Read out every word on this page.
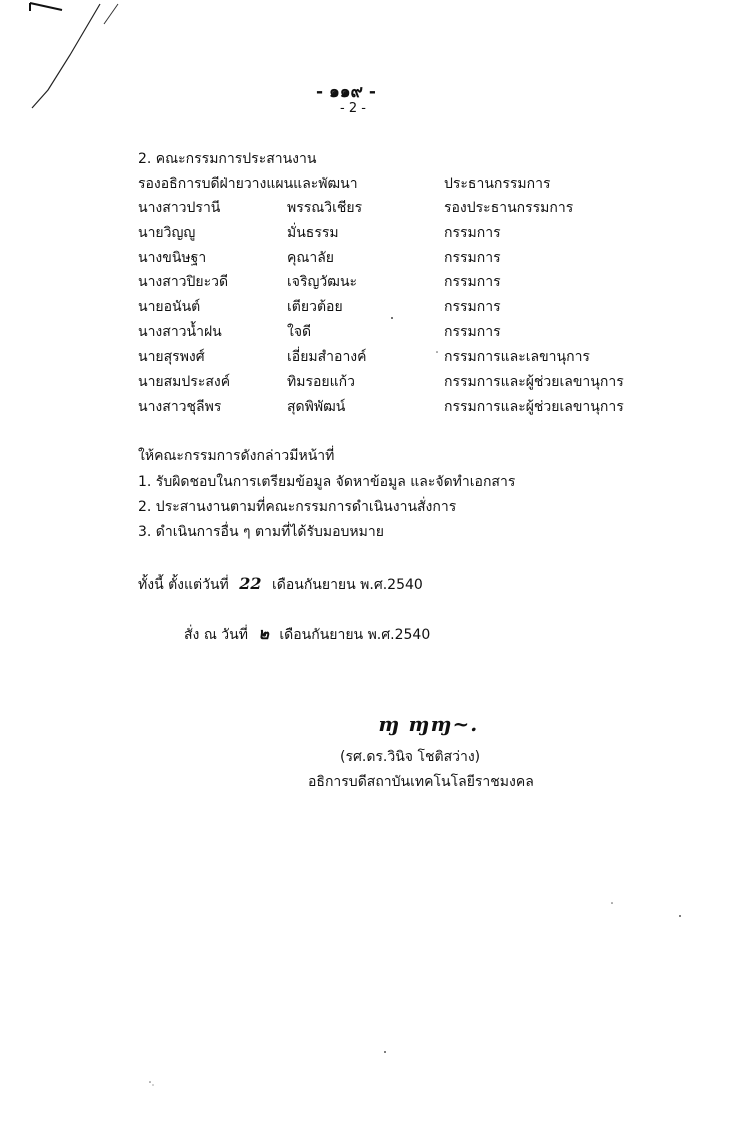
- ๑๑๙ -
- 2 -
2. คณะกรรมการประสานงาน
รองอธิการบดีฝ่ายวางแผนและพัฒนา	ประธานกรรมการ
นางสาวปรานี	พรรณวิเชียร	รองประธานกรรมการ
นายวิญญู	มั่นธรรม	กรรมการ
นางขนิษฐา	คุณาลัย	กรรมการ
นางสาวปิยะวดี	เจริญวัฒนะ	กรรมการ
นายอนันต์	เตียวต้อย	กรรมการ
นางสาวน้ำฝน	ใจดี	กรรมการ
นายสุรพงศ์	เอี่ยมสำอางค์	กรรมการและเลขานุการ
นายสมประสงค์	ทิมรอยแก้ว	กรรมการและผู้ช่วยเลขานุการ
นางสาวชุลีพร	สุดพิพัฒน์	กรรมการและผู้ช่วยเลขานุการ
ให้คณะกรรมการดังกล่าวมีหน้าที่
1. รับผิดชอบในการเตรียมข้อมูล จัดหาข้อมูล และจัดทำเอกสาร
2. ประสานงานตามที่คณะกรรมการดำเนินงานสั่งการ
3. ดำเนินการอื่น ๆ ตามที่ได้รับมอบหมาย
ทั้งนี้ ตั้งแต่วันที่ 22 เดือนกันยายน พ.ศ.2540
สั่ง ณ วันที่ ๒ เดือนกันยายน พ.ศ.2540
ɱ ɱɱ~.
(รศ.ดร.วินิจ โชติสว่าง)
อธิการบดีสถาบันเทคโนโลยีราชมงคล
